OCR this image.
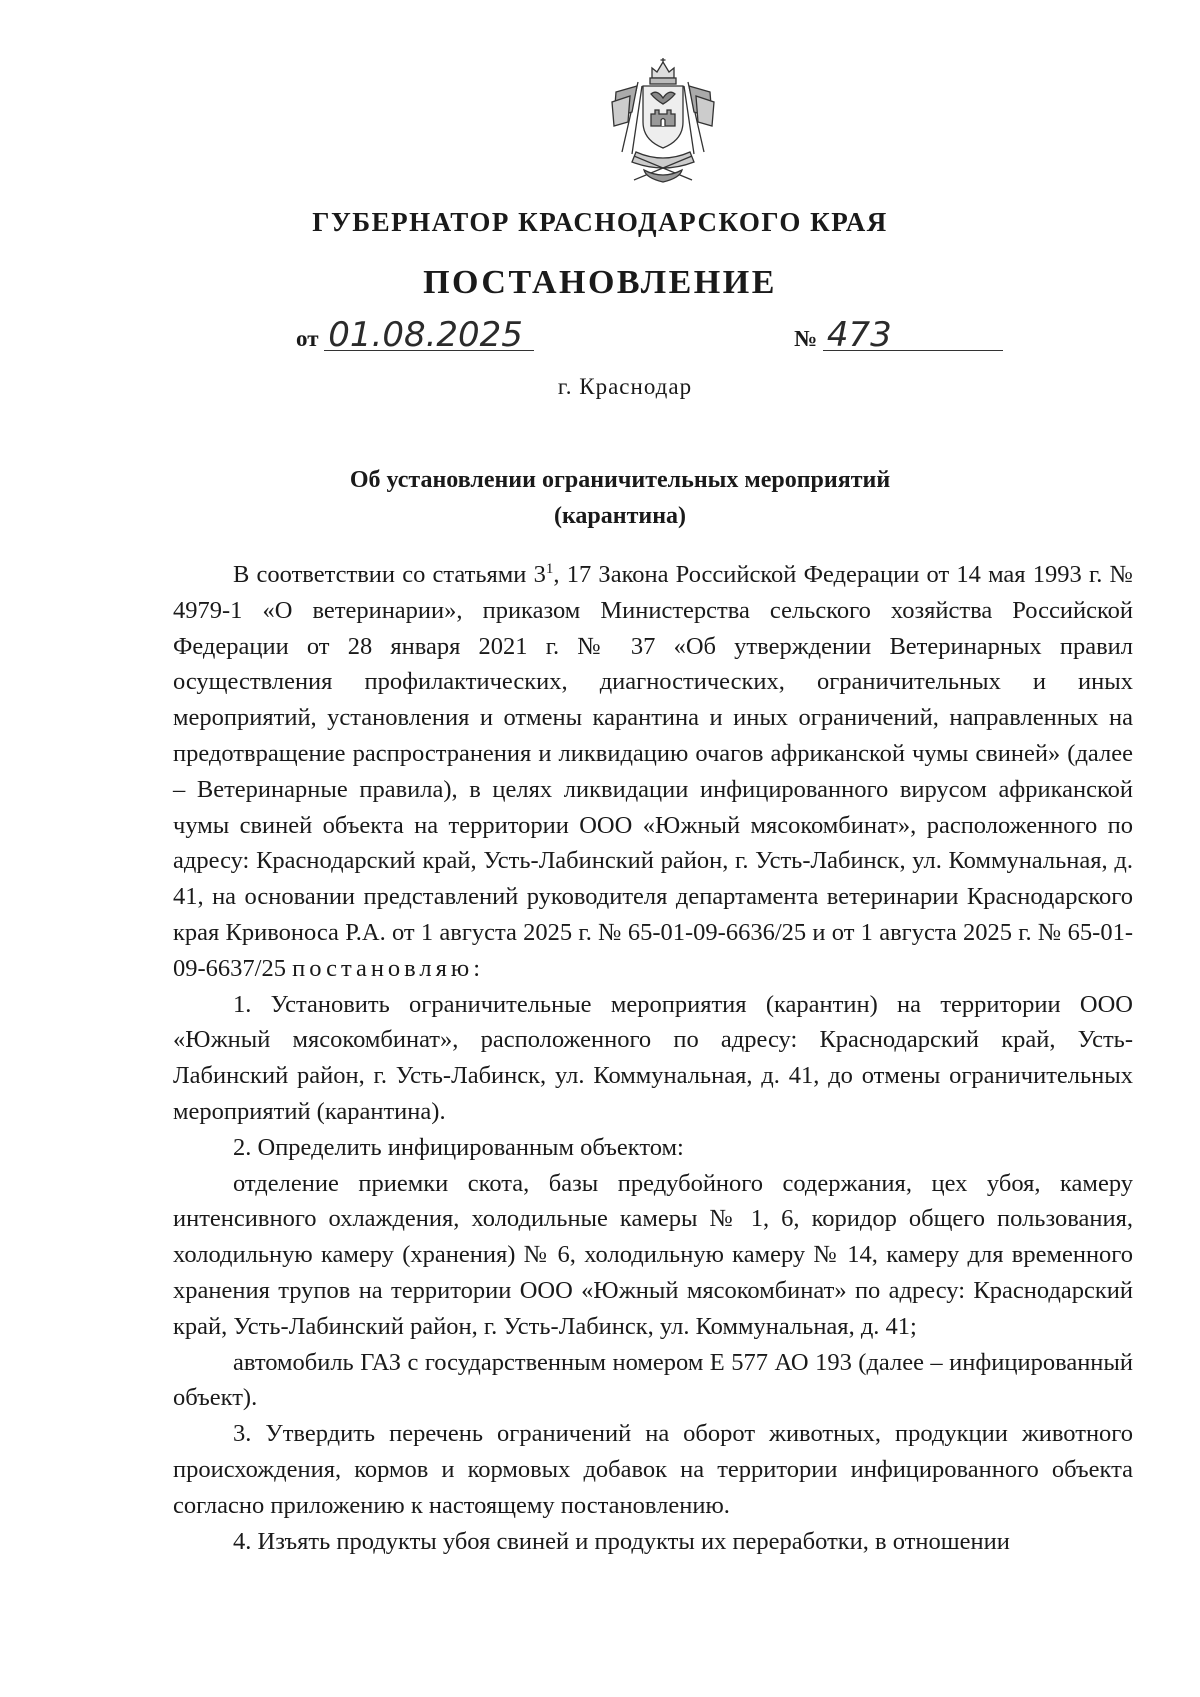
ГУБЕРНАТОР КРАСНОДАРСКОГО КРАЯ
ПОСТАНОВЛЕНИЕ
от 01.08.2025	№ 473
г. Краснодар
Об установлении ограничительных мероприятий
(карантина)

В соответствии со статьями $3^1$, 17 Закона Российской Федерации от 14 мая 1993 г. № 4979-1 «О ветеринарии», приказом Министерства сельского хозяйства Российской Федерации от 28 января 2021 г. № 37 «Об утверждении Ветеринарных правил осуществления профилактических, диагностических, ограничительных и иных мероприятий, установления и отмены карантина и иных ограничений, направленных на предотвращение распространения и ликвидацию очагов африканской чумы свиней» (далее – Ветеринарные правила), в целях ликвидации инфицированного вирусом африканской чумы свиней объекта на территории ООО «Южный мясокомбинат», расположенного по адресу: Краснодарский край, Усть-Лабинский район, г. Усть-Лабинск, ул. Коммунальная, д. 41, на основании представлений руководителя департамента ветеринарии Краснодарского края Кривоноса Р.А. от 1 августа 2025 г. № 65-01-09-6636/25 и от 1 августа 2025 г. № 65-01-09-6637/25 постановляю:

1. Установить ограничительные мероприятия (карантин) на территории ООО «Южный мясокомбинат», расположенного по адресу: Краснодарский край, Усть-Лабинский район, г. Усть-Лабинск, ул. Коммунальная, д. 41, до отмены ограничительных мероприятий (карантина).

2. Определить инфицированным объектом:

отделение приемки скота, базы предубойного содержания, цех убоя, камеру интенсивного охлаждения, холодильные камеры № 1, 6, коридор общего пользования, холодильную камеру (хранения) № 6, холодильную камеру № 14, камеру для временного хранения трупов на территории ООО «Южный мясокомбинат» по адресу: Краснодарский край, Усть-Лабинский район, г. Усть-Лабинск, ул. Коммунальная, д. 41;

автомобиль ГАЗ с государственным номером Е 577 АО 193 (далее – инфицированный объект).

3. Утвердить перечень ограничений на оборот животных, продукции животного происхождения, кормов и кормовых добавок на территории инфицированного объекта согласно приложению к настоящему постановлению.

4. Изъять продукты убоя свиней и продукты их переработки, в отношении
